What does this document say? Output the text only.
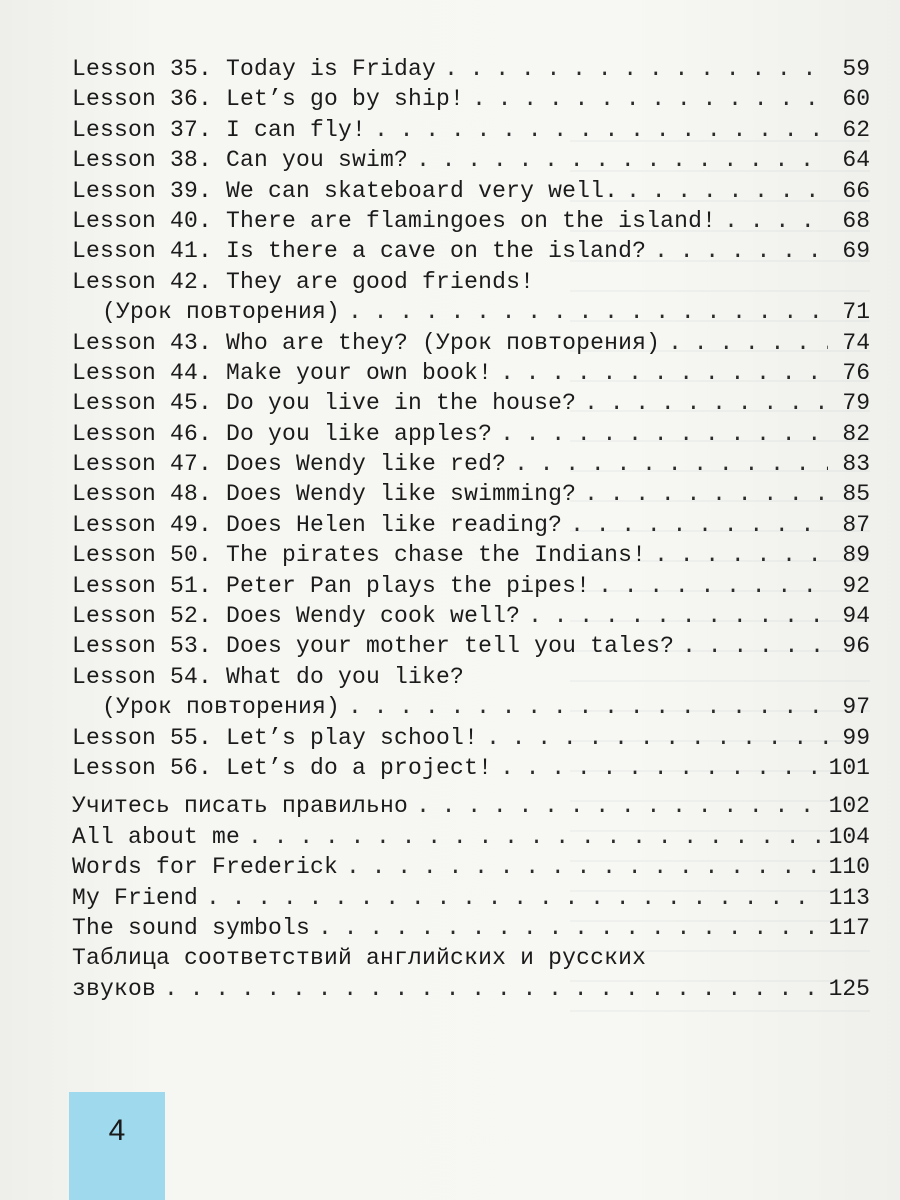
Lesson 35. Today is Friday . . .	59
Lesson 36. Let’s go by ship! . . .	60
Lesson 37. I can fly! . . .	62
Lesson 38. Can you swim? . . .	64
Lesson 39. We can skateboard very well. . . .	66
Lesson 40. There are flamingoes on the island! . . .	68
Lesson 41. Is there a cave on the island? . . .	69
Lesson 42. They are good friends!
(Урок повторения) . . .	71
Lesson 43. Who are they? (Урок повторения) . . .	74
Lesson 44. Make your own book! . . .	76
Lesson 45. Do you live in the house? . . .	79
Lesson 46. Do you like apples? . . .	82
Lesson 47. Does Wendy like red? . . .	83
Lesson 48. Does Wendy like swimming? . . .	85
Lesson 49. Does Helen like reading? . . .	87
Lesson 50. The pirates chase the Indians! . . .	89
Lesson 51. Peter Pan plays the pipes! . . .	92
Lesson 52. Does Wendy cook well? . . .	94
Lesson 53. Does your mother tell you tales? . . .	96
Lesson 54. What do you like?
(Урок повторения) . . .	97
Lesson 55. Let’s play school! . . .	99
Lesson 56. Let’s do a project! . . .	101
Учитесь писать правильно . . .	102
All about me . . .	104
Words for Frederick . . .	110
My Friend . . .	113
The sound symbols . . .	117
Таблица соответствий английских и русских
звуков . . .	125
4
